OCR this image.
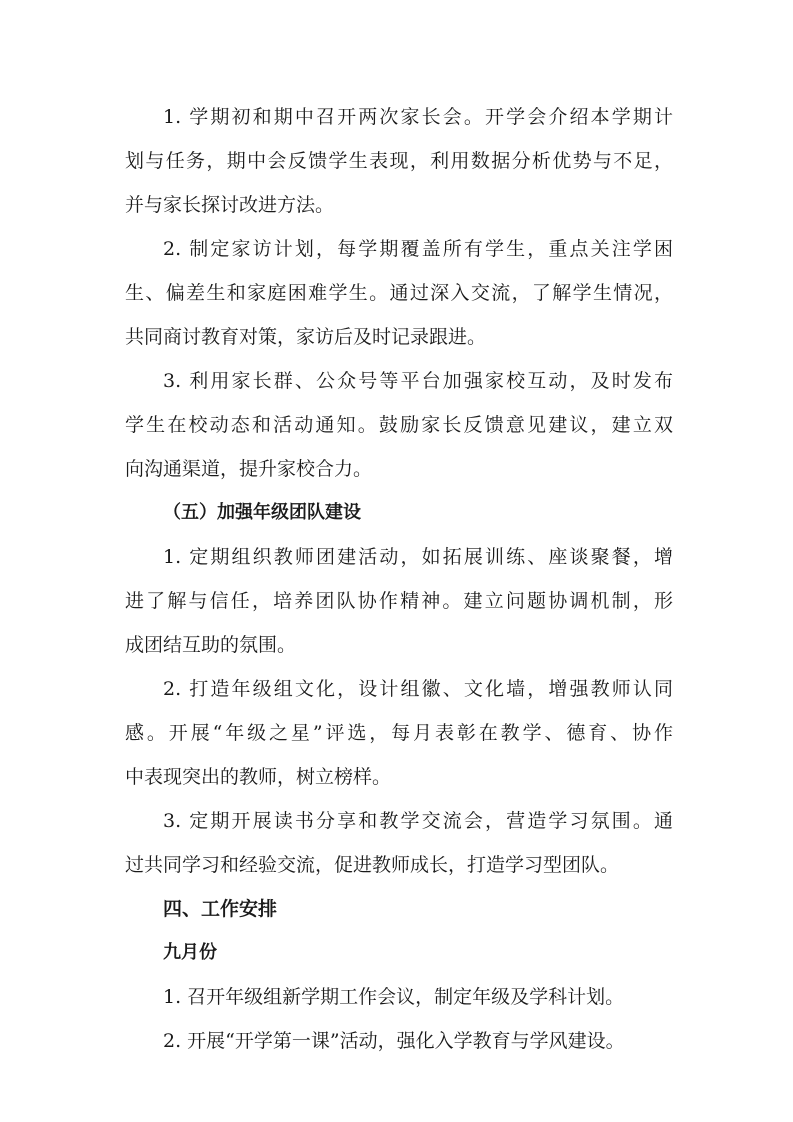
1. 学期初和期中召开两次家长会。开学会介绍本学期计
划与任务，期中会反馈学生表现，利用数据分析优势与不足，
并与家长探讨改进方法。
2. 制定家访计划，每学期覆盖所有学生，重点关注学困
生、偏差生和家庭困难学生。通过深入交流，了解学生情况，
共同商讨教育对策，家访后及时记录跟进。
3. 利用家长群、公众号等平台加强家校互动，及时发布
学生在校动态和活动通知。鼓励家长反馈意见建议，建立双
向沟通渠道，提升家校合力。
（五）加强年级团队建设
1. 定期组织教师团建活动，如拓展训练、座谈聚餐，增
进了解与信任，培养团队协作精神。建立问题协调机制，形
成团结互助的氛围。
2. 打造年级组文化，设计组徽、文化墙，增强教师认同
感。开展“年级之星”评选，每月表彰在教学、德育、协作
中表现突出的教师，树立榜样。
3. 定期开展读书分享和教学交流会，营造学习氛围。通
过共同学习和经验交流，促进教师成长，打造学习型团队。
四、工作安排
九月份
1. 召开年级组新学期工作会议，制定年级及学科计划。
2. 开展“开学第一课”活动，强化入学教育与学风建设。
